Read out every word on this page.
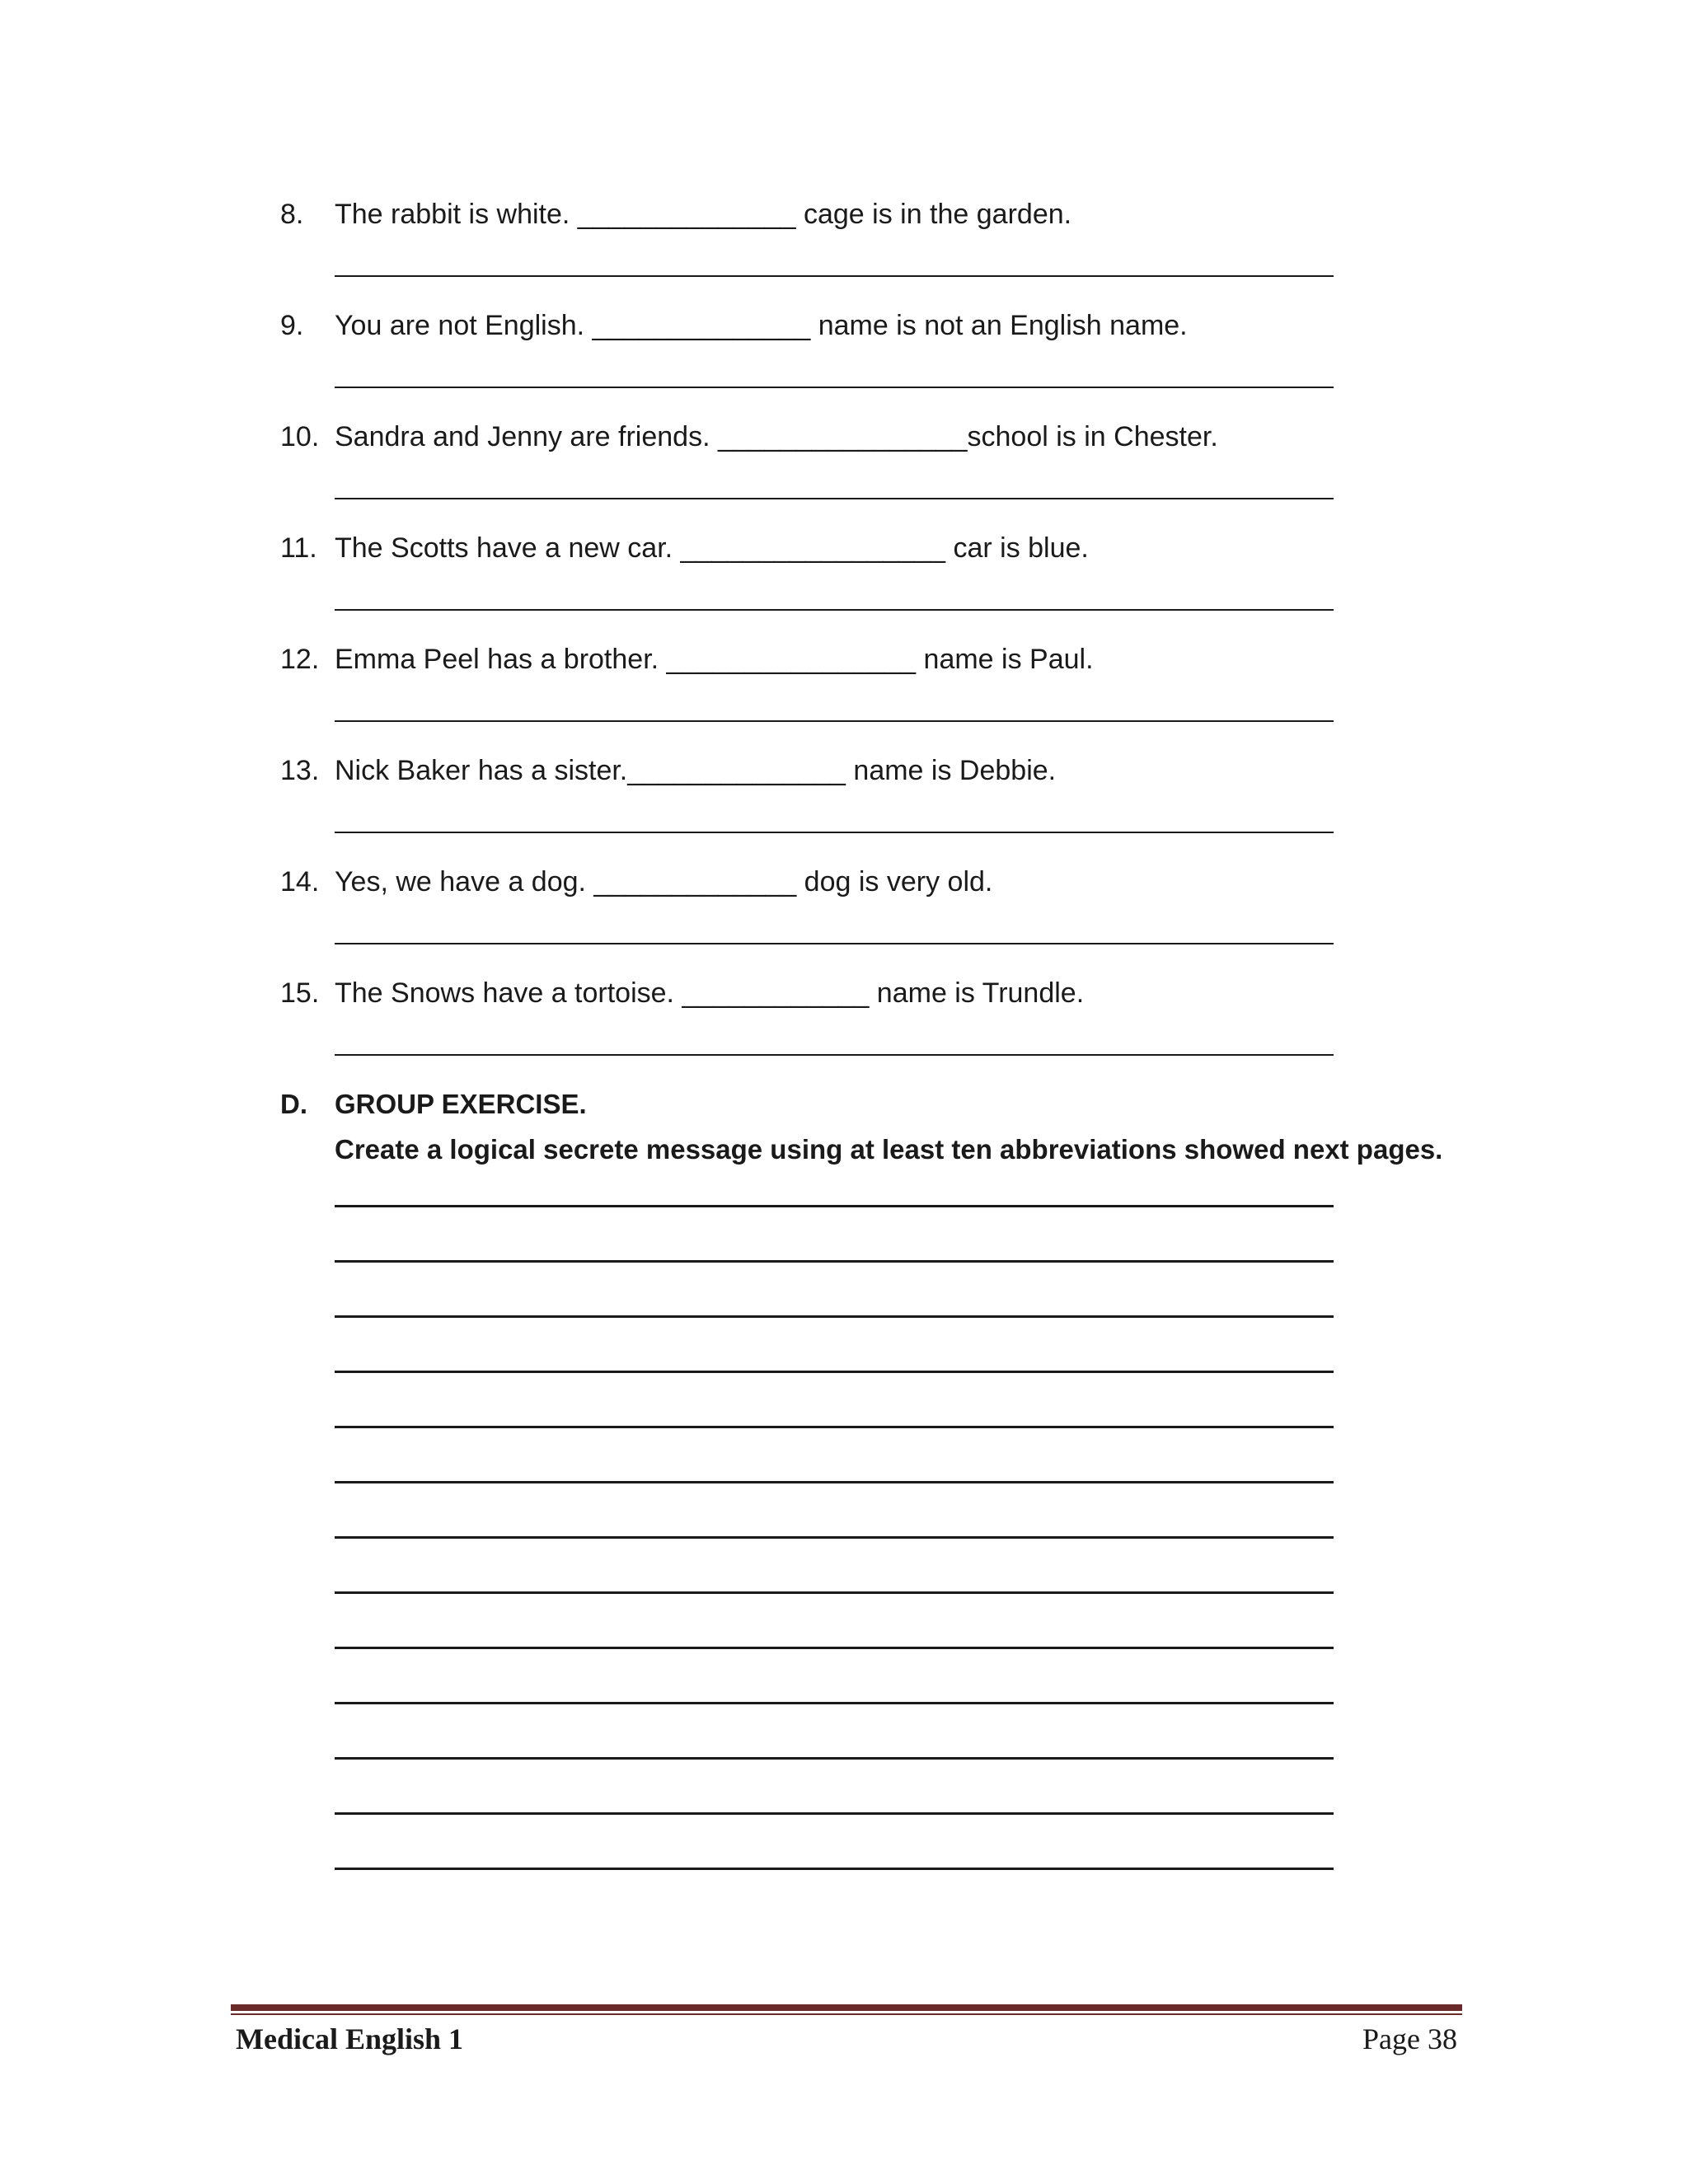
8. The rabbit is white. ______________ cage is in the garden.
9. You are not English. ______________ name is not an English name.
10. Sandra and Jenny are friends. ________________school is in Chester.
11. The Scotts have a new car. _________________ car is blue.
12. Emma Peel has a brother. ________________ name is Paul.
13. Nick Baker has a sister.______________ name is Debbie.
14. Yes, we have a dog. _____________ dog is very old.
15. The Snows have a tortoise. ____________ name is Trundle.
D. GROUP EXERCISE.
Create a logical secrete message using at least ten abbreviations showed next pages.
Medical English 1	Page 38
